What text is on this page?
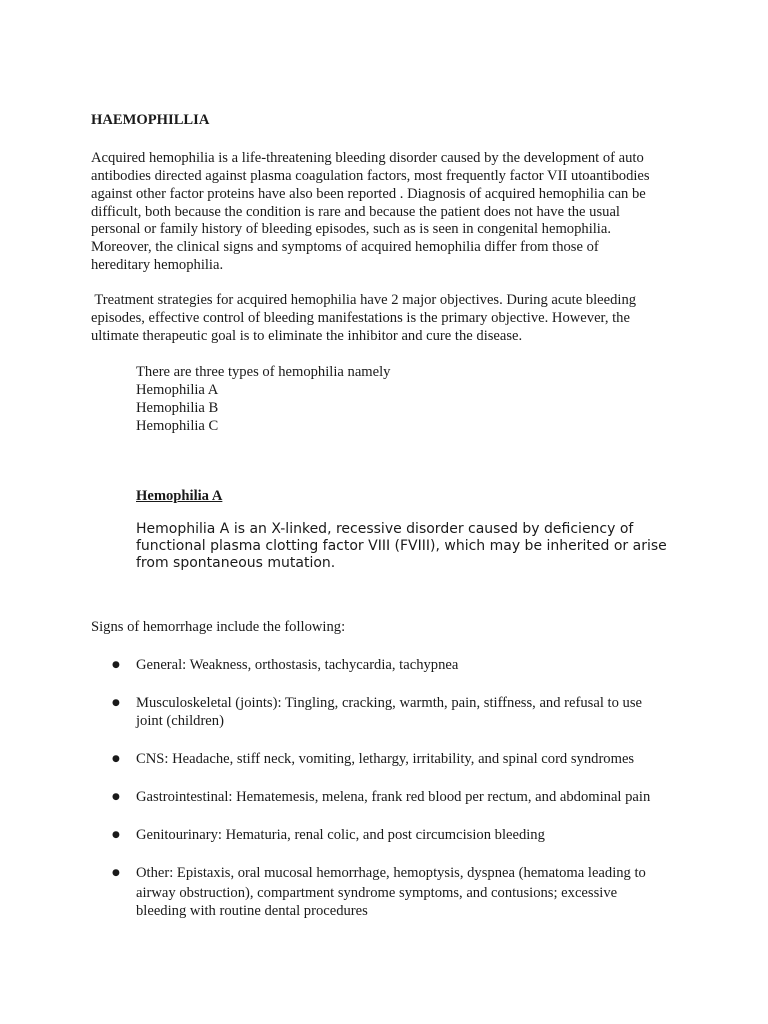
HAEMOPHILLIA
Acquired hemophilia is a life-threatening bleeding disorder caused by the development of auto
antibodies directed against plasma coagulation factors, most frequently factor VII utoantibodies
against other factor proteins have also been reported . Diagnosis of acquired hemophilia can be
difficult, both because the condition is rare and because the patient does not have the usual
personal or family history of bleeding episodes, such as is seen in congenital hemophilia.
Moreover, the clinical signs and symptoms of acquired hemophilia differ from those of
hereditary hemophilia.
Treatment strategies for acquired hemophilia have 2 major objectives. During acute bleeding
episodes, effective control of bleeding manifestations is the primary objective. However, the
ultimate therapeutic goal is to eliminate the inhibitor and cure the disease.
There are three types of hemophilia namely
Hemophilia A
Hemophilia B
Hemophilia C
Hemophilia A
Hemophilia A is an X-linked, recessive disorder caused by deficiency of
functional plasma clotting factor VIII (FVIII), which may be inherited or arise
from spontaneous mutation.
Signs of hemorrhage include the following:
● General: Weakness, orthostasis, tachycardia, tachypnea
● Musculoskeletal (joints): Tingling, cracking, warmth, pain, stiffness, and refusal to use
joint (children)
● CNS: Headache, stiff neck, vomiting, lethargy, irritability, and spinal cord syndromes
● Gastrointestinal: Hematemesis, melena, frank red blood per rectum, and abdominal pain
● Genitourinary: Hematuria, renal colic, and post circumcision bleeding
● Other: Epistaxis, oral mucosal hemorrhage, hemoptysis, dyspnea (hematoma leading to
airway obstruction), compartment syndrome symptoms, and contusions; excessive
bleeding with routine dental procedures
